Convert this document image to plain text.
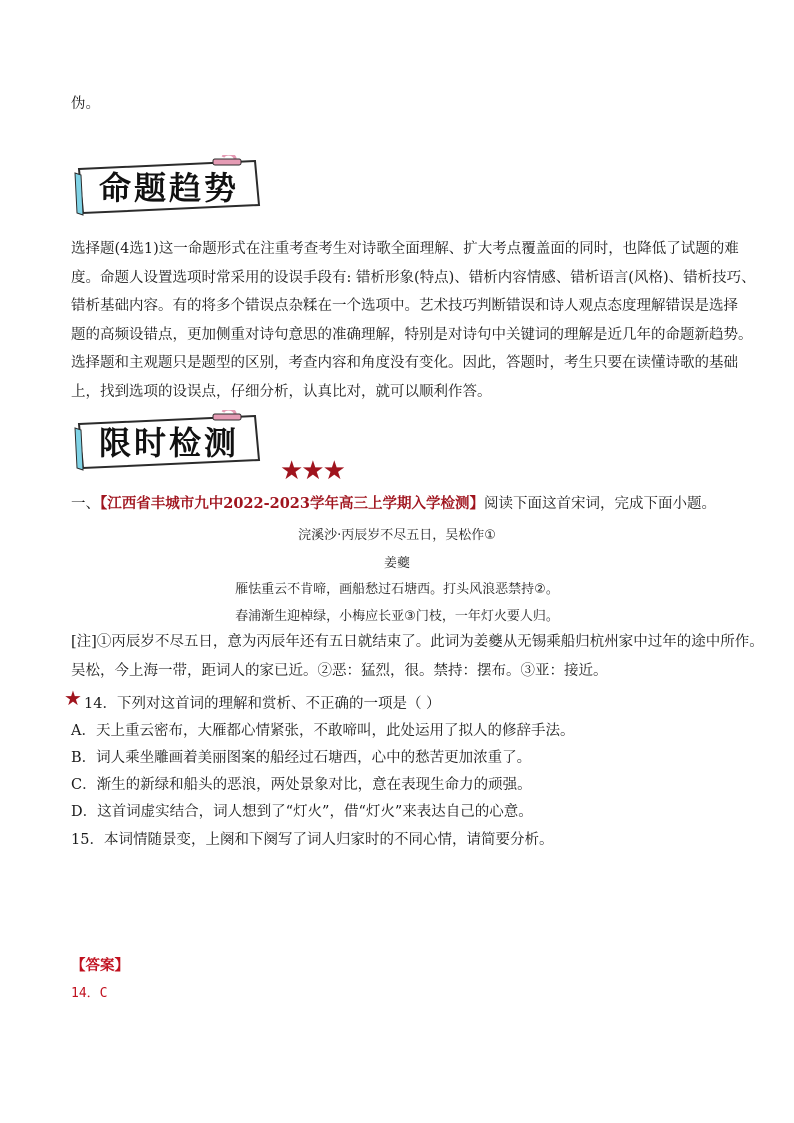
伪。
命题趋势
选择题(4选1)这一命题形式在注重考查考生对诗歌全面理解、扩大考点覆盖面的同时，也降低了试题的难
度。命题人设置选项时常采用的设误手段有: 错析形象(特点)、错析内容情感、错析语言(风格)、错析技巧、
错析基础内容。有的将多个错误点杂糅在一个选项中。艺术技巧判断错误和诗人观点态度理解错误是选择
题的高频设错点，更加侧重对诗句意思的准确理解，特别是对诗句中关键词的理解是近几年的命题新趋势。
选择题和主观题只是题型的区别，考查内容和角度没有变化。因此，答题时，考生只要在读懂诗歌的基础
上，找到选项的设误点，仔细分析，认真比对，就可以顺利作答。
限时检测
★★★
一、【江西省丰城市九中2022-2023学年高三上学期入学检测】阅读下面这首宋词，完成下面小题。
浣溪沙·丙辰岁不尽五日，吴松作①
姜夔
雁怯重云不肯啼，画船愁过石塘西。打头风浪恶禁持②。
春浦渐生迎棹绿，小梅应长亚③门枝，一年灯火要人归。
[注]①丙辰岁不尽五日，意为丙辰年还有五日就结束了。此词为姜夔从无锡乘船归杭州家中过年的途中所作。
吴松，今上海一带，距词人的家已近。②恶：猛烈，很。禁持：摆布。③亚：接近。
★ 14．下列对这首词的理解和赏析、不正确的一项是（ ）
A．天上重云密布，大雁都心情紧张，不敢啼叫，此处运用了拟人的修辞手法。
B．词人乘坐雕画着美丽图案的船经过石塘西，心中的愁苦更加浓重了。
C．渐生的新绿和船头的恶浪，两处景象对比，意在表现生命力的顽强。
D．这首词虚实结合，词人想到了“灯火”，借“灯火”来表达自己的心意。
15．本词情随景变，上阕和下阕写了词人归家时的不同心情，请简要分析。
【答案】
14．C
